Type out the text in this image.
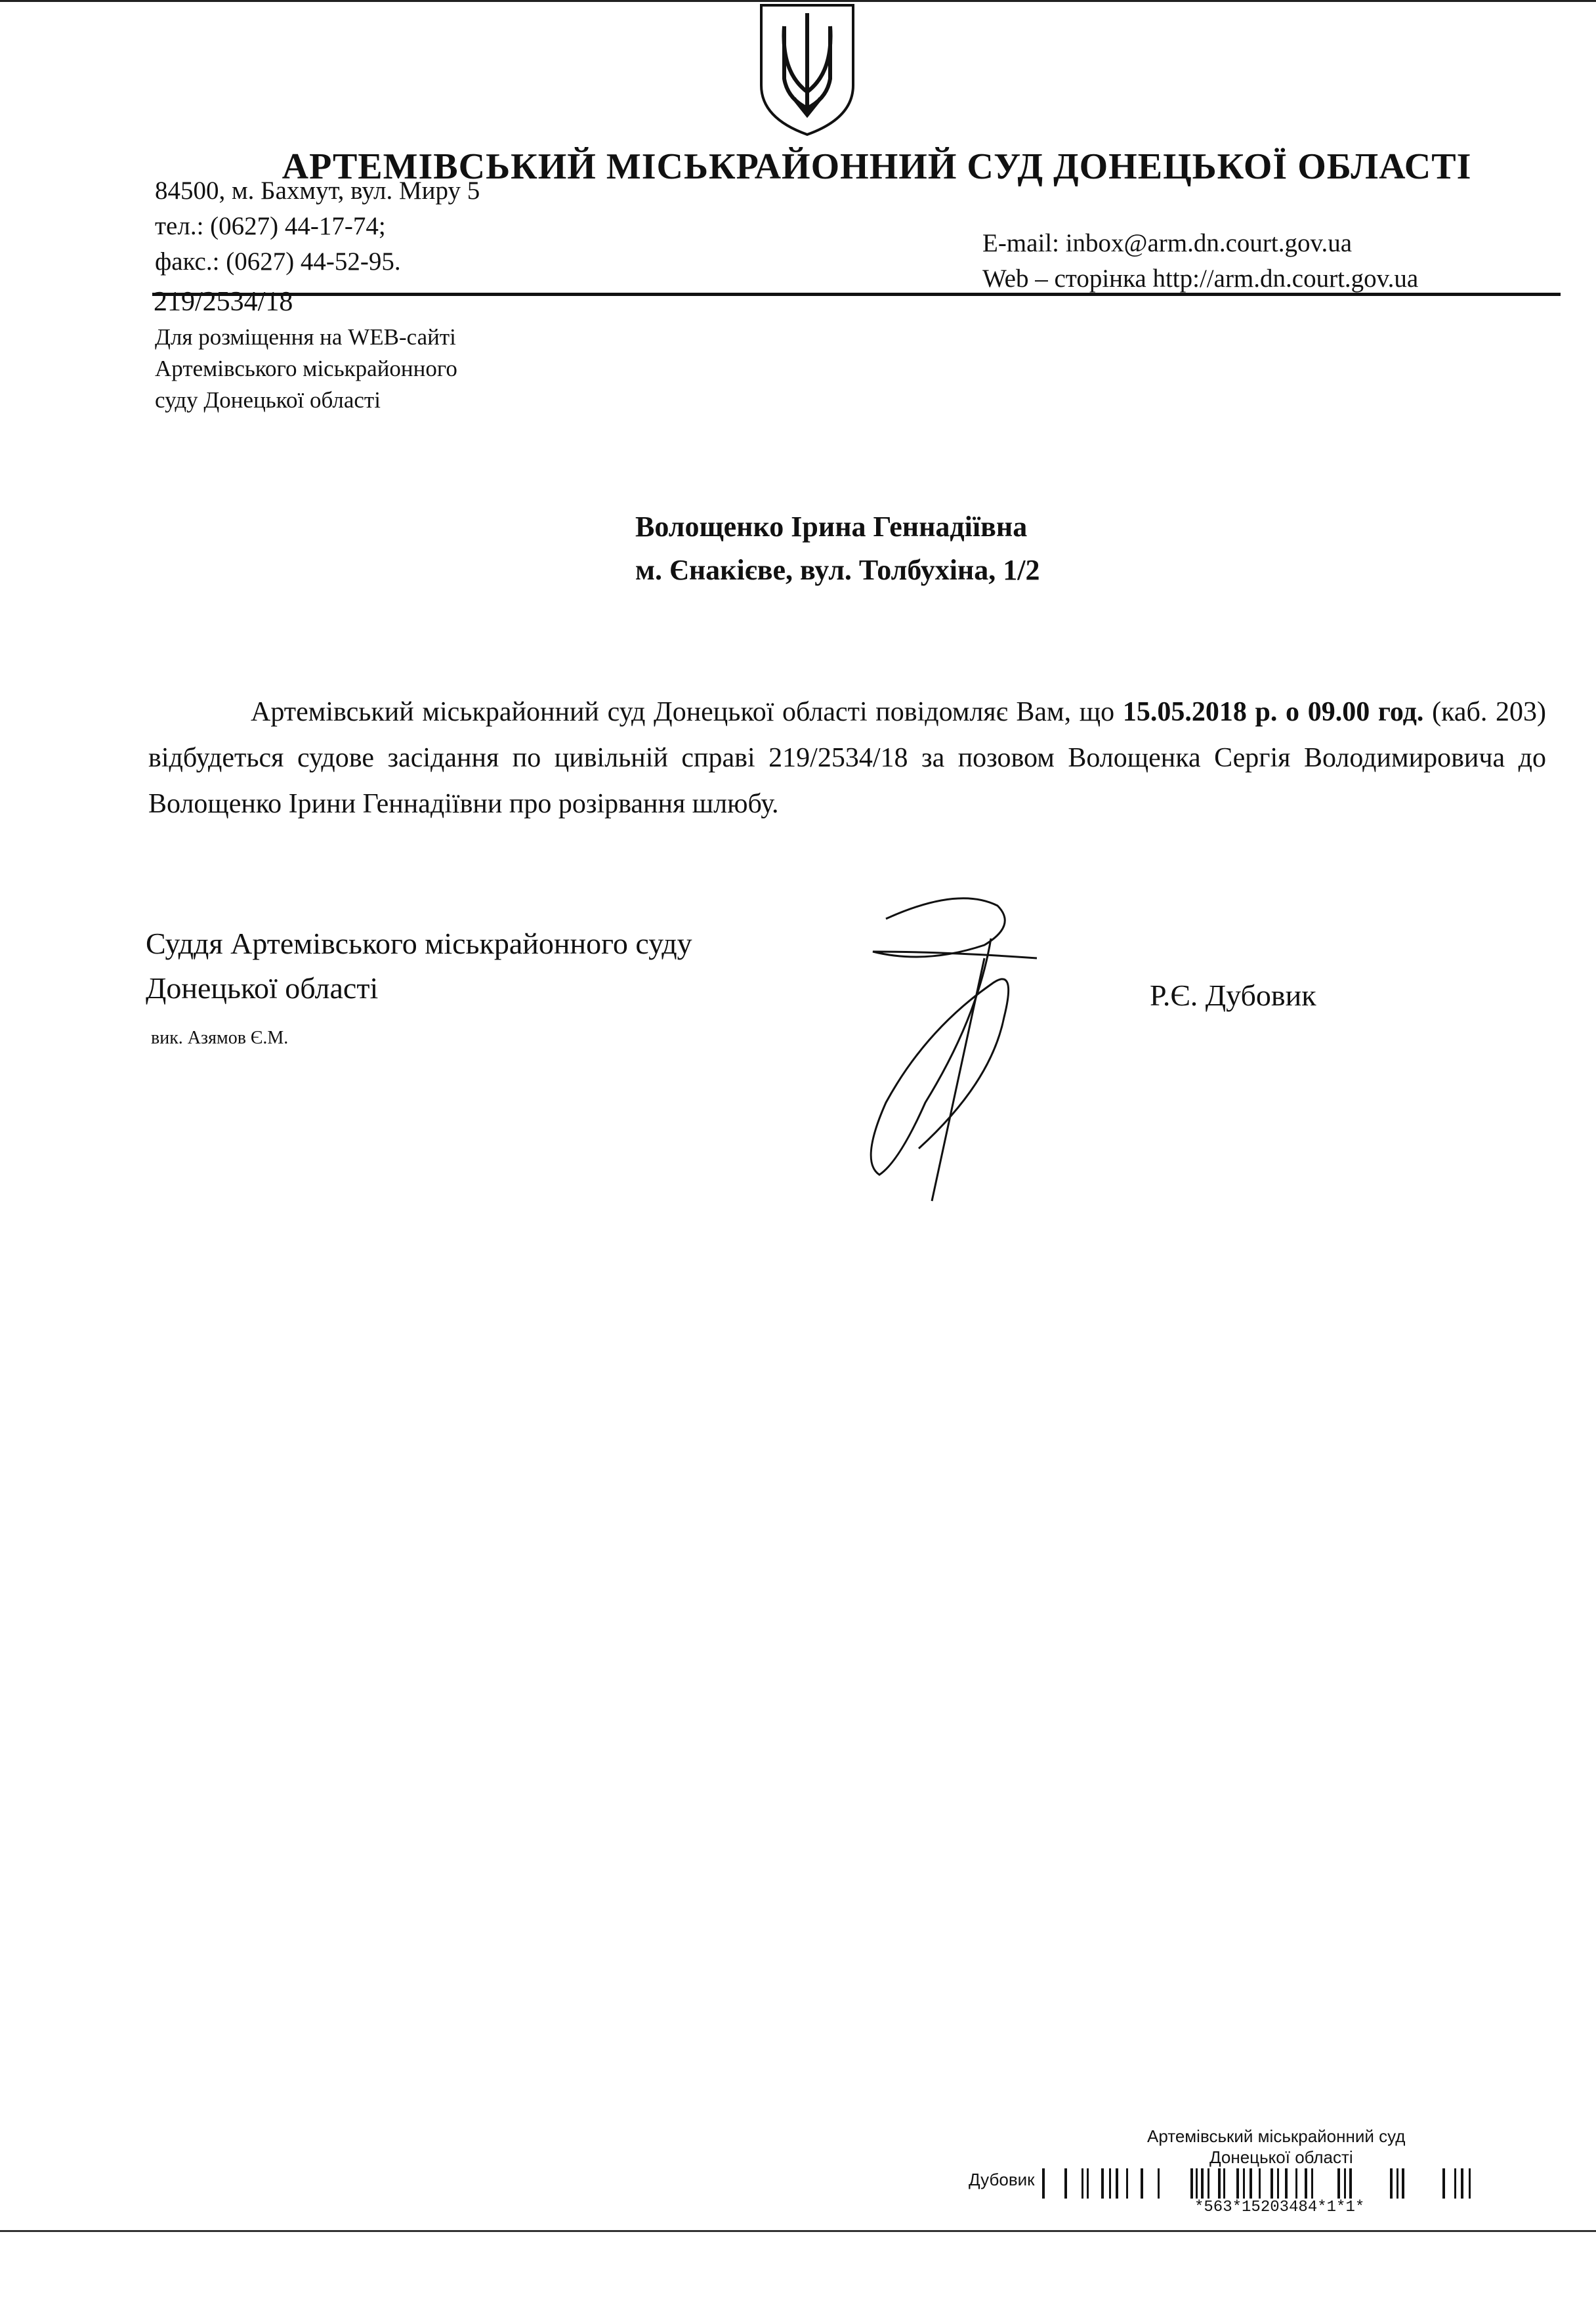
АРТЕМІВСЬКИЙ МІСЬКРАЙОННИЙ СУД ДОНЕЦЬКОЇ ОБЛАСТІ
84500, м. Бахмут, вул. Миру 5
тел.: (0627) 44-17-74;
факс.: (0627) 44-52-95.
E-mail: inbox@arm.dn.court.gov.ua
Web – сторінка http://arm.dn.court.gov.ua
219/2534/18
Для розміщення на WEB-сайті
Артемівського міськрайонного
суду Донецької області
Волощенко Ірина Геннадіївна
м. Єнакієве, вул. Толбухіна, 1/2
Артемівський міськрайонний суд Донецької області повідомляє Вам, що 15.05.2018 р. о 09.00 год. (каб. 203) відбудеться судове засідання по цивільній справі 219/2534/18 за позовом Волощенка Сергія Володимировича до Волощенко Ірини Геннадіївни про розірвання шлюбу.
Суддя Артемівського міськрайонного суду
Донецької області
вик. Азямов Є.М.
Р.Є. Дубовик
Артемівський міськрайонний суд
Донецької області
Дубовик
*563*15203484*1*1*
